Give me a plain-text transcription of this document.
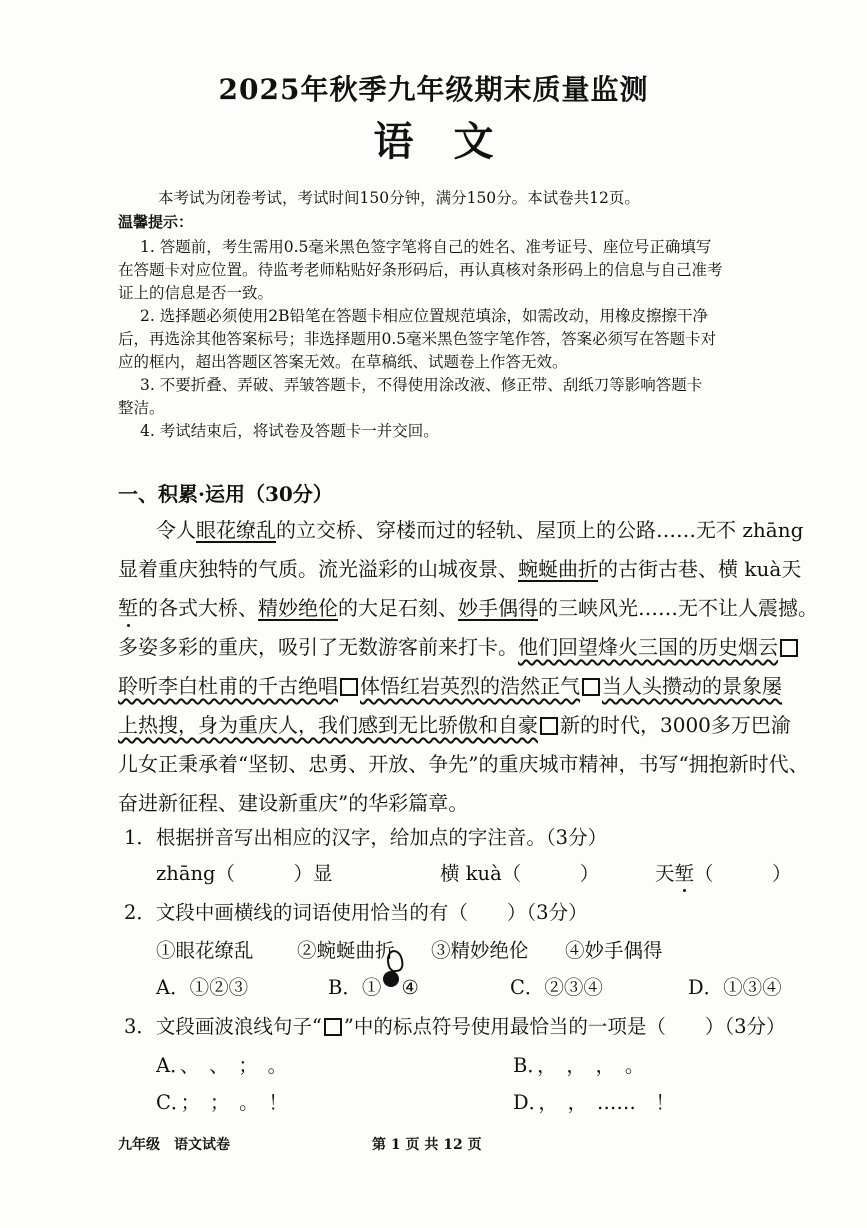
2025年秋季九年级期末质量监测
语文
本考试为闭卷考试，考试时间150分钟，满分150分。本试卷共12页。
温馨提示：
1. 答题前，考生需用0.5毫米黑色签字笔将自己的姓名、准考证号、座位号正确填写
在答题卡对应位置。待监考老师粘贴好条形码后，再认真核对条形码上的信息与自己准考
证上的信息是否一致。
2. 选择题必须使用2B铅笔在答题卡相应位置规范填涂，如需改动，用橡皮擦擦干净
后，再选涂其他答案标号；非选择题用0.5毫米黑色签字笔作答，答案必须写在答题卡对
应的框内，超出答题区答案无效。在草稿纸、试题卷上作答无效。
3. 不要折叠、弄破、弄皱答题卡，不得使用涂改液、修正带、刮纸刀等影响答题卡
整洁。
4. 考试结束后，将试卷及答题卡一并交回。
一、积累·运用（30分）
令人眼花缭乱的立交桥、穿楼而过的轻轨、屋顶上的公路……无不 zhāng
显着重庆独特的气质。流光溢彩的山城夜景、蜿蜒曲折的古街古巷、横 kuà天
堑的各式大桥、精妙绝伦的大足石刻、妙手偶得的三峡风光……无不让人震撼。
多姿多彩的重庆，吸引了无数游客前来打卡。他们回望烽火三国的历史烟云
聆听李白杜甫的千古绝唱 体悟红岩英烈的浩然正气 当人头攒动的景象屡
上热搜，身为重庆人，我们感到无比骄傲和自豪 新的时代，3000多万巴渝
儿女正秉承着“坚韧、忠勇、开放、争先”的重庆城市精神，书写“拥抱新时代、
奋进新征程、建设新重庆”的华彩篇章。
1．根据拼音写出相应的汉字，给加点的字注音。（3分）
zhāng（　　　）显	横 kuà（　　　）	天堑（　　　）
2．文段中画横线的词语使用恰当的有（　　）（3分）
①眼花缭乱 ②蜿蜒曲折 ③精妙绝伦 ④妙手偶得
A．①②③	B．① ④	C．②③④	D．①③④
3．文段画波浪线句子“ ”中的标点符号使用最恰当的一项是（　　）（3分）
A．、　、　；　。	B．，　，　，　。
C．；　；　。　！	D．，　，　……　！
九年级　语文试卷	第 1 页 共 12 页
